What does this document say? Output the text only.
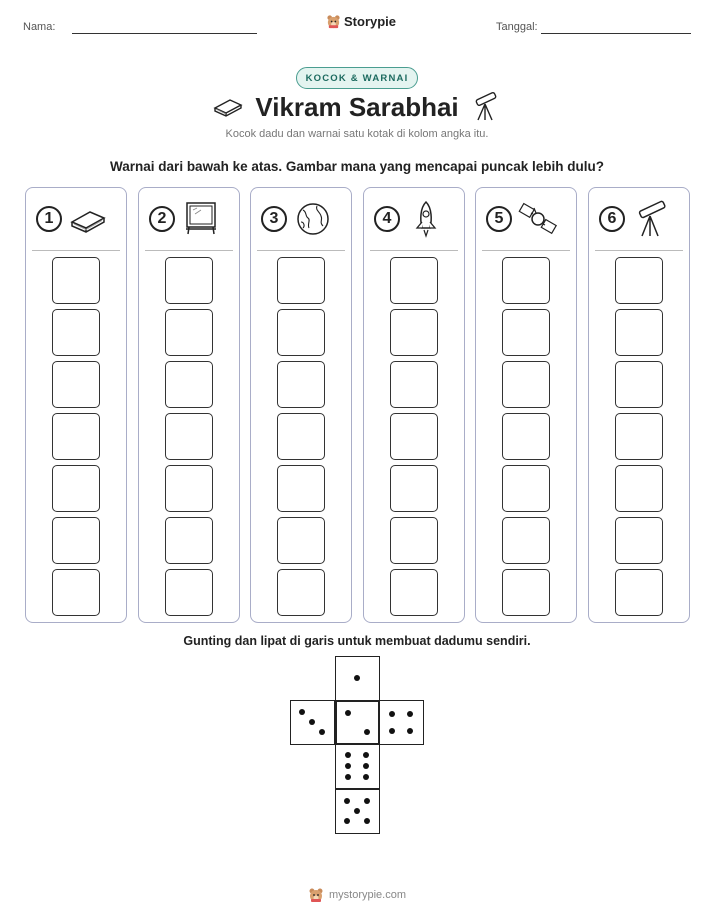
Nama:	Storypie	Tanggal:
KOCOK & WARNAI
Vikram Sarabhai
Kocok dadu dan warnai satu kotak di kolom angka itu.
Warnai dari bawah ke atas. Gambar mana yang mencapai puncak lebih dulu?
1	2	3	4	5	6
Gunting dan lipat di garis untuk membuat dadumu sendiri.
mystorypie.com
